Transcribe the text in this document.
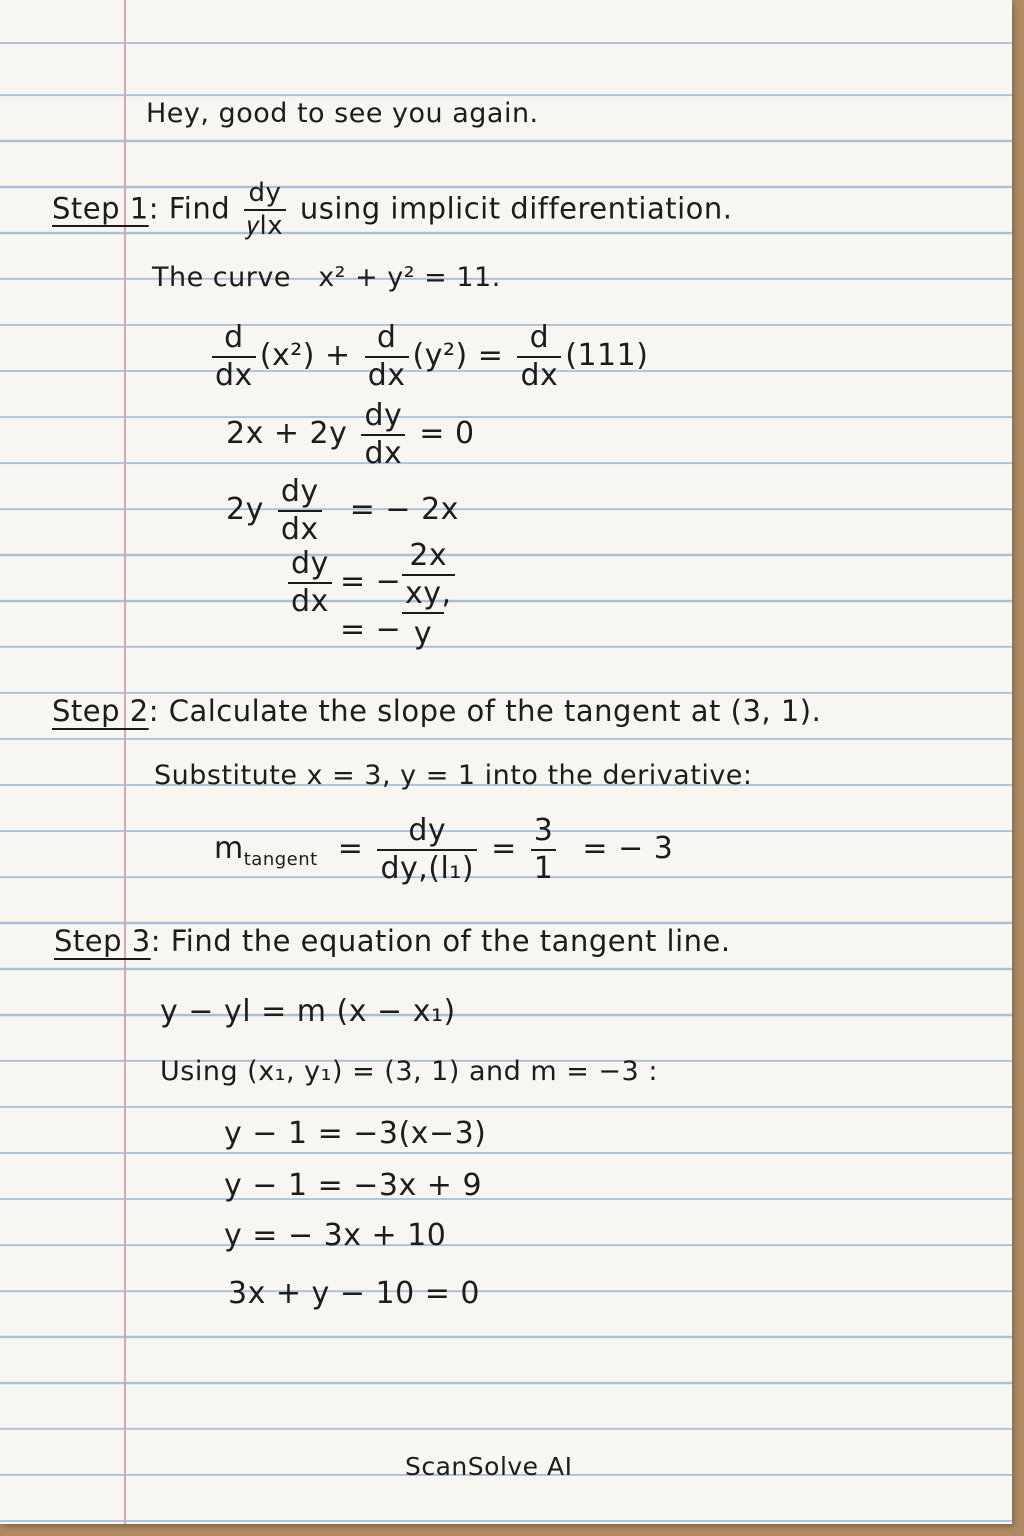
Hey, good to see you again.
Step 1: Find $\frac{dy}{\text{𝑦lx}}$ using implicit differentiation.
The curve x² + y² = 11.
$\frac{d}{dx} (x^2) + \frac{d}{dx} (y^2) = \frac{d}{dx} (111)$
$2x + 2y \frac{dy}{dx} = 0$
$2y \frac{dy}{dx}$ = − 2x
$\frac{dy}{dx}$ = − $\frac{2x}{xy,}$
= − y
Step 2: Calculate the slope of the tangent at (3, 1).
Substitute x = 3, y = 1 into the derivative:
$m_{tangent} = \frac{dy}{\text{dy,(l₁)}} = \frac{3}{1}$ = − 3
Step 3: Find the equation of the tangent line.
y − yl = m (x − x₁)
Using (x₁, y₁) = (3, 1) and m = −3 :
y − 1 = −3(x−3)
y − 1 = −3x + 9
y = − 3x + 10
3x + y − 10 = 0
ScanSolve AI
